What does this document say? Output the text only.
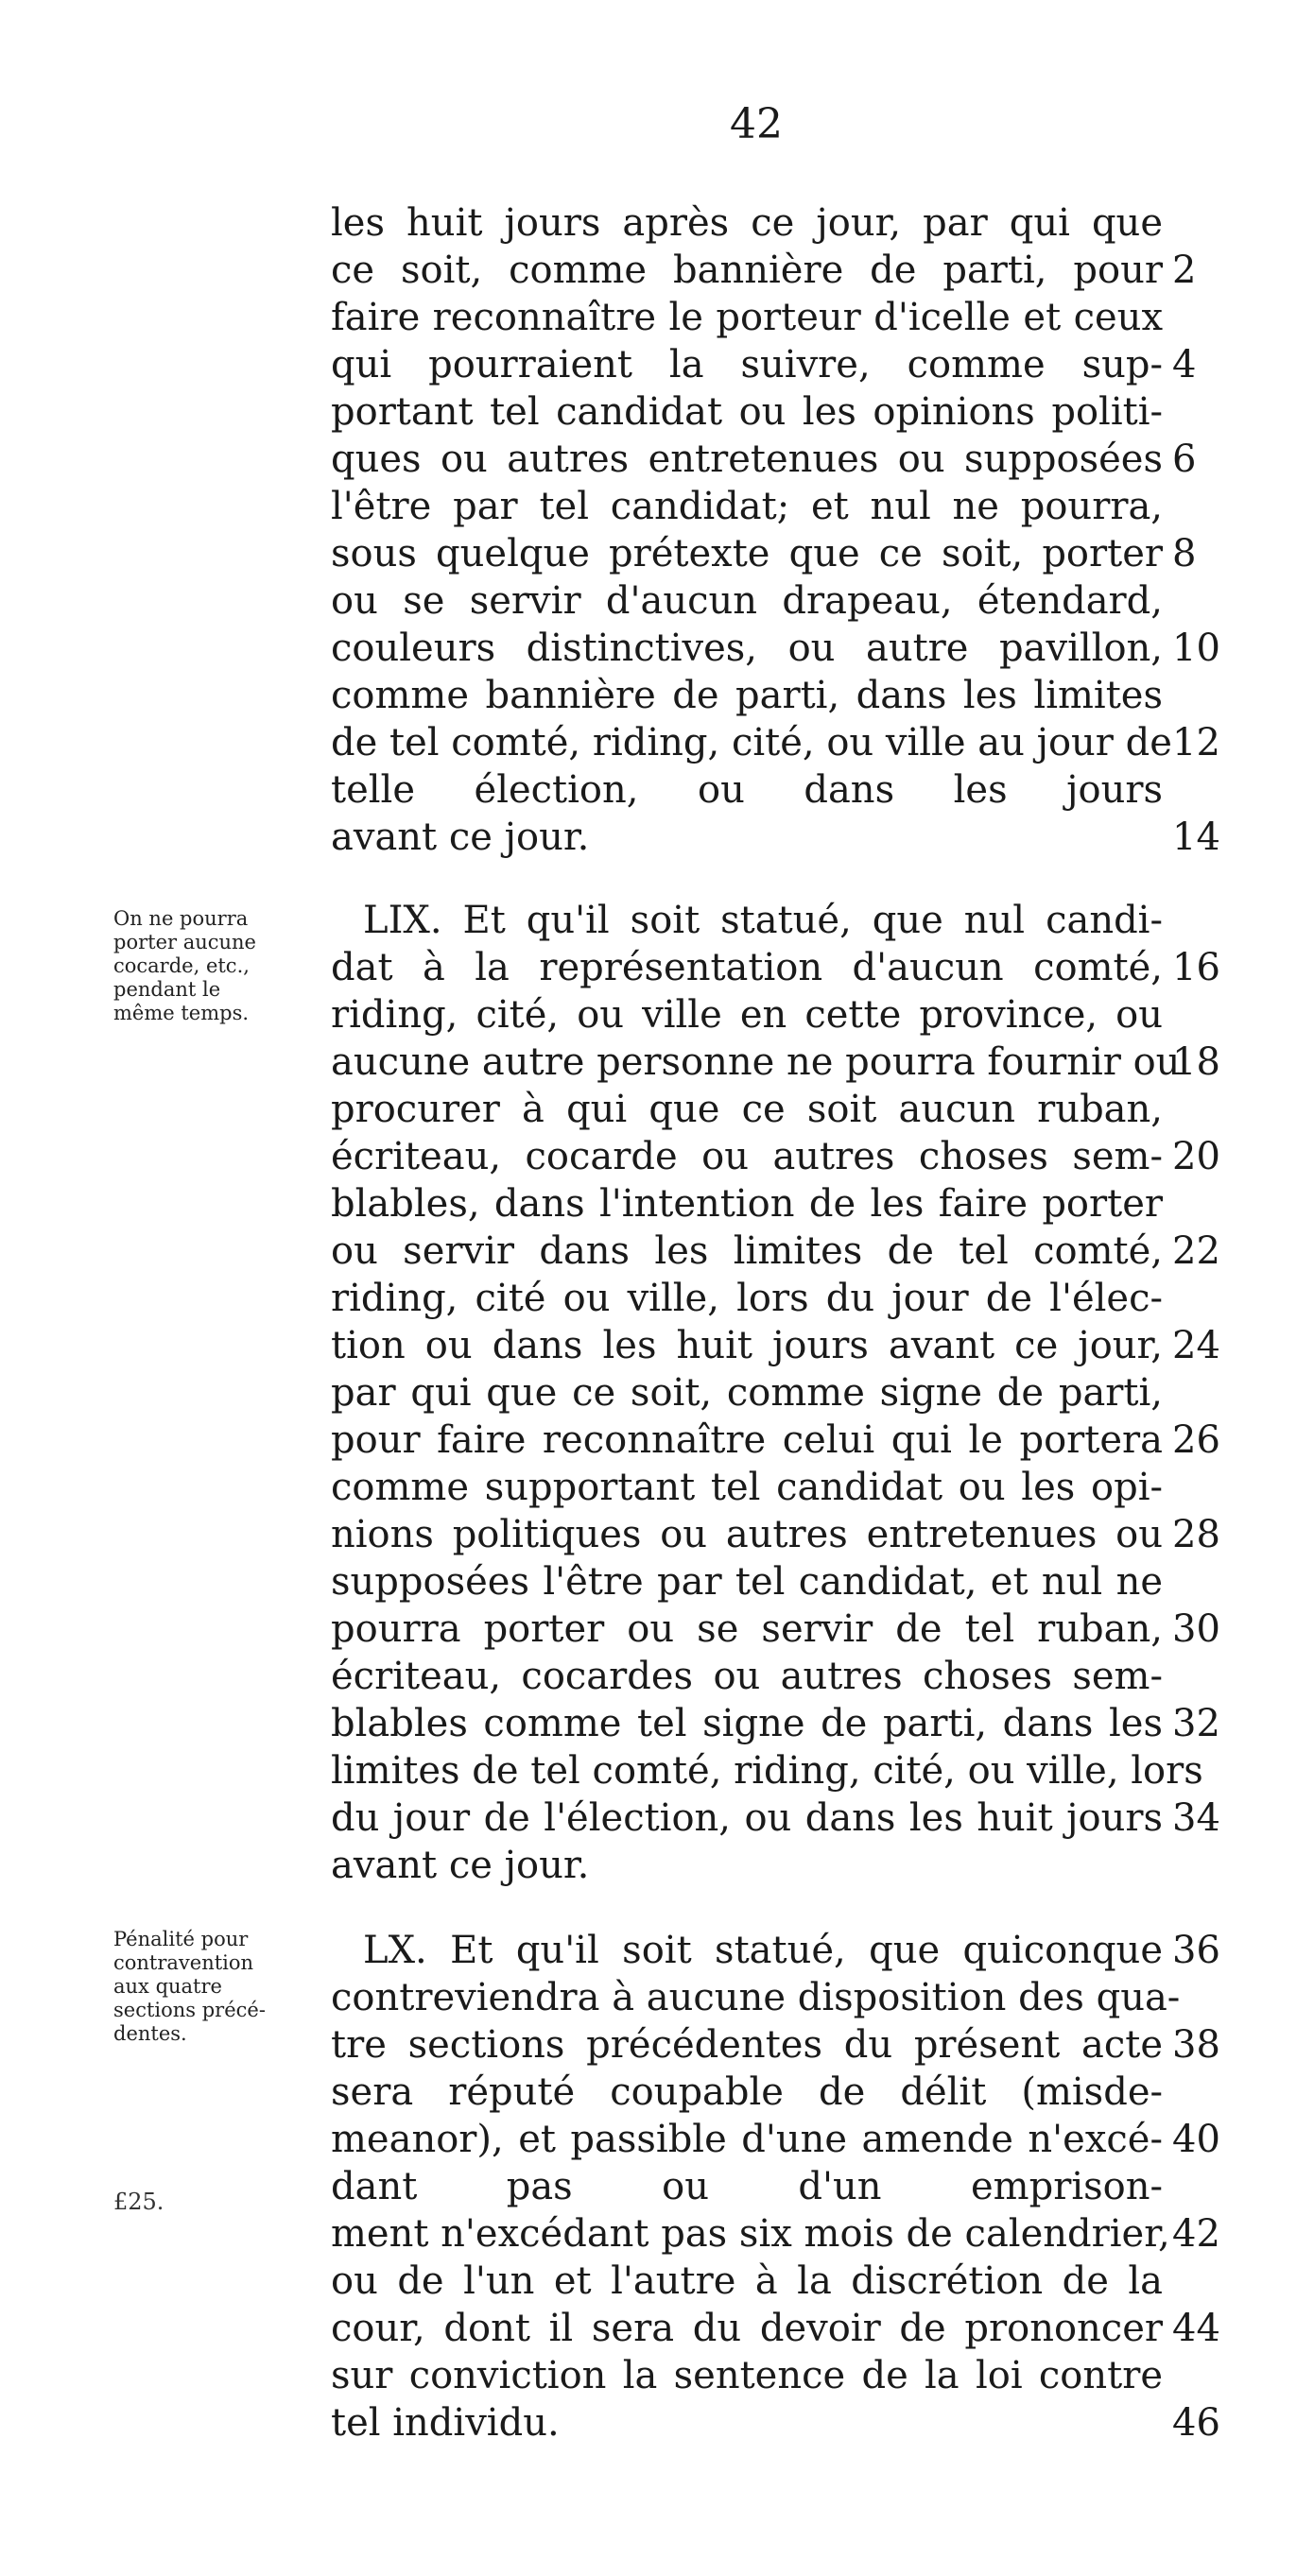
42
les huit jours après ce jour, par qui que
ce soit, comme bannière de parti, pour 2
faire reconnaître le porteur d'icelle et ceux
qui pourraient la suivre, comme sup- 4
portant tel candidat ou les opinions politi-
ques ou autres entretenues ou supposées 6
l'être par tel candidat; et nul ne pourra,
sous quelque prétexte que ce soit, porter 8
ou se servir d'aucun drapeau, étendard,
couleurs distinctives, ou autre pavillon, 10
comme bannière de parti, dans les limites
de tel comté, riding, cité, ou ville au jour de 12
telle élection, ou dans les jours
avant ce jour.	14
On ne pourra
porter aucune
cocarde, etc.,
pendant le
même temps.
LIX. Et qu'il soit statué, que nul candi-
dat à la représentation d'aucun comté, 16
riding, cité, ou ville en cette province, ou
aucune autre personne ne pourra fournir ou
18
procurer à qui que ce soit aucun ruban,
écriteau, cocarde ou autres choses sem- 20
blables, dans l'intention de les faire porter
ou servir dans les limites de tel comté, 22
riding, cité ou ville, lors du jour de l'élec-
tion ou dans les huit jours avant ce jour, 24
par qui que ce soit, comme signe de parti,
pour faire reconnaître celui qui le portera 26
comme supportant tel candidat ou les opi-
nions politiques ou autres entretenues ou 28
supposées l'être par tel candidat, et nul ne
pourra porter ou se servir de tel ruban, 30
écriteau, cocardes ou autres choses sem-
blables comme tel signe de parti, dans les 32
limites de tel comté, riding, cité, ou ville, lors
du jour de l'élection, ou dans les huit jours 34
avant ce jour.
Pénalité pour
contravention
aux quatre
sections précé-
dentes.
£25.
LX. Et qu'il soit statué, que quiconque 36
contreviendra à aucune disposition des qua-
tre sections précédentes du présent acte 38
sera réputé coupable de délit (misde-
meanor), et passible d'une amende n'excé- 40
dant pas ou d'un emprison-
ment n'excédant pas six mois de calendrier, 42
ou de l'un et l'autre à la discrétion de la
cour, dont il sera du devoir de prononcer 44
sur conviction la sentence de la loi contre
tel individu.	46
